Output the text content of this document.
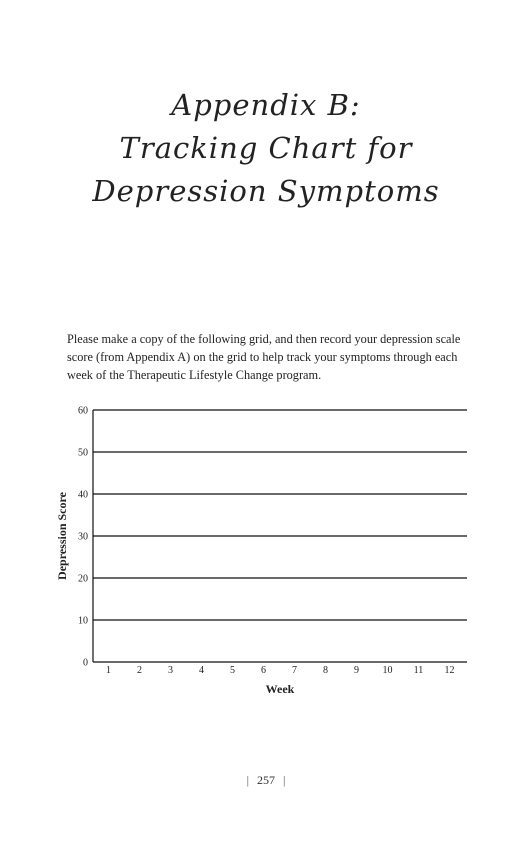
Appendix B:
Tracking Chart for
Depression Symptoms

Please make a copy of the following grid, and then record your depression scale score (from Appendix A) on the grid to help track your symptoms through each week of the Therapeutic Lifestyle Change program.

0
10
20
30
40
50
60
1	2	3	4	5	6	7	8	9 10 11 12
Week
Depression Score
| 257 |
